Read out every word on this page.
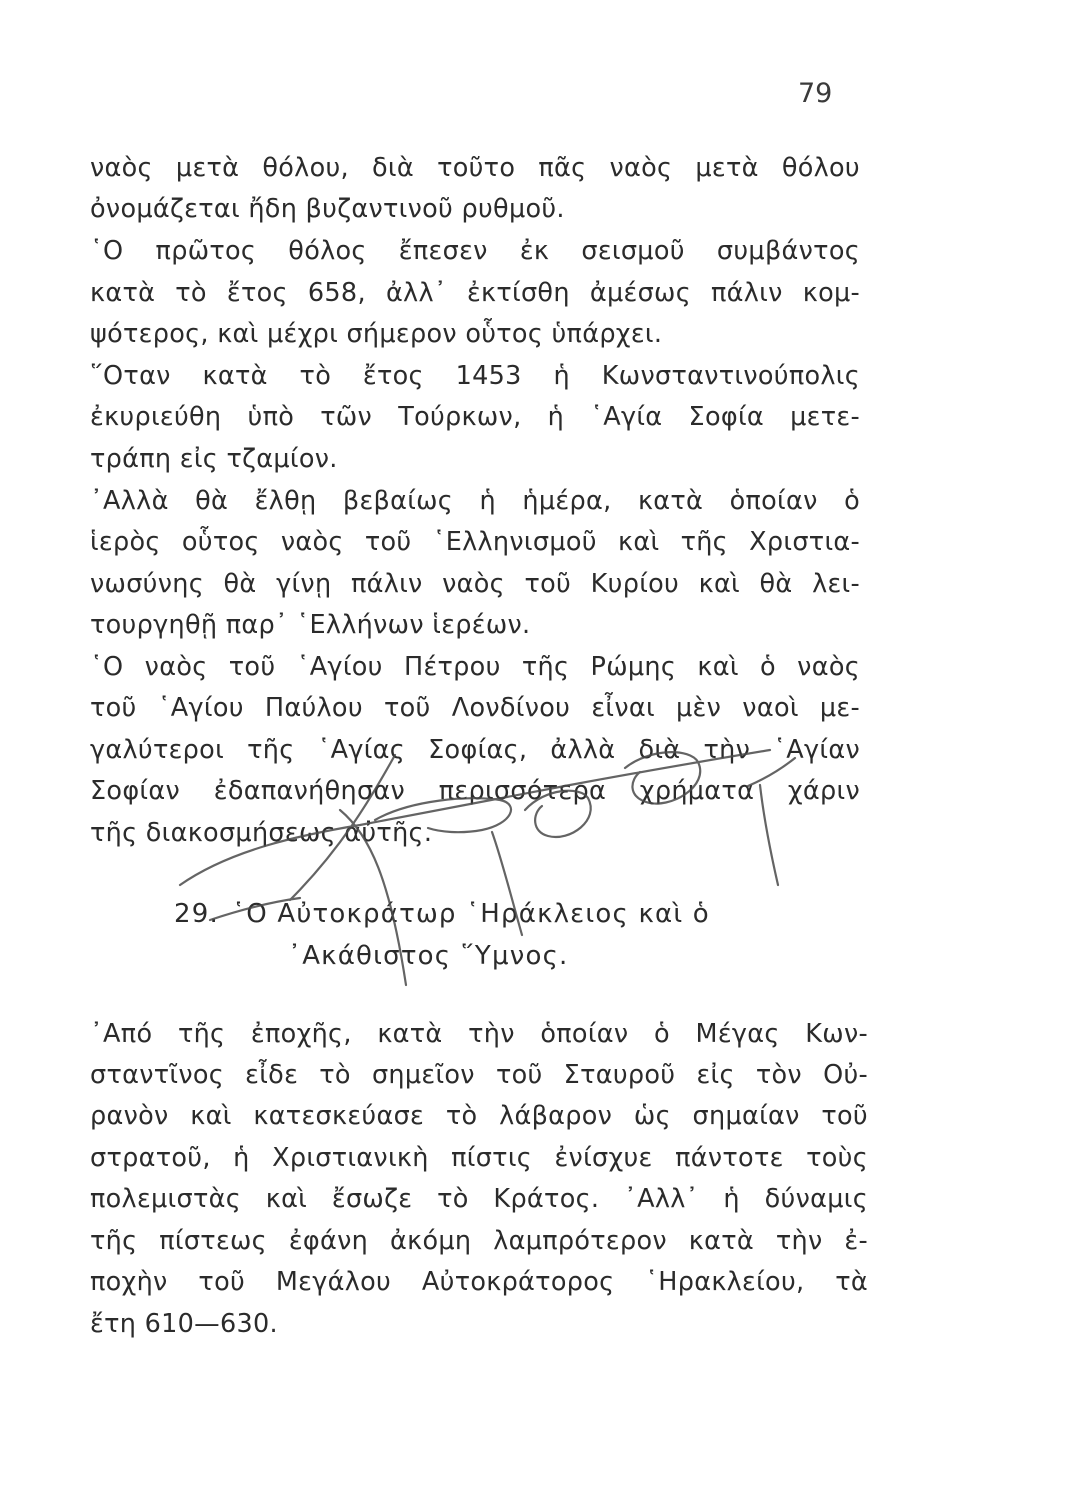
79
ναὸς μετὰ θόλου, διὰ τοῦτο πᾶς ναὸς μετὰ θόλου
ὀνομάζεται ἤδη βυζαντινοῦ ρυθμοῦ.
῾Ο πρῶτος θόλος ἔπεσεν ἐκ σεισμοῦ συμβάντος
κατὰ τὸ ἔτος 658, ἀλλ᾽ ἐκτίσθη ἀμέσως πάλιν κομ-
ψότερος, καὶ μέχρι σήμερον οὗτος ὑπάρχει.
῞Οταν κατὰ τὸ ἔτος 1453 ἡ Κωνσταντινούπολις
ἐκυριεύθη ὑπὸ τῶν Τούρκων, ἡ ῾Αγία Σοφία μετε-
τράπη εἰς τζαμίον.
᾽Αλλὰ θὰ ἔλθῃ βεβαίως ἡ ἡμέρα, κατὰ ὁποίαν ὁ
ἱερὸς οὗτος ναὸς τοῦ ῾Ελληνισμοῦ καὶ τῆς Χριστια-
νωσύνης θὰ γίνῃ πάλιν ναὸς τοῦ Κυρίου καὶ θὰ λει-
τουργηθῇ παρ᾽ ῾Ελλήνων ἱερέων.
῾Ο ναὸς τοῦ ῾Αγίου Πέτρου τῆς Ρώμης καὶ ὁ ναὸς
τοῦ ῾Αγίου Παύλου τοῦ Λονδίνου εἶναι μὲν ναοὶ με-
γαλύτεροι τῆς ῾Αγίας Σοφίας, ἀλλὰ διὰ τὴν ῾Αγίαν
Σοφίαν ἐδαπανήθησαν περισσότερα χρήματα χάριν
τῆς διακοσμήσεως αὐτῆς.
29. ῾Ο Αὐτοκράτωρ ῾Ηράκλειος καὶ ὁ
᾽Ακάθιστος ῞Υμνος.
᾽Από τῆς ἐποχῆς, κατὰ τὴν ὁποίαν ὁ Μέγας Κων-
σταντῖνος εἶδε τὸ σημεῖον τοῦ Σταυροῦ εἰς τὸν Οὐ-
ρανὸν καὶ κατεσκεύασε τὸ λάβαρον ὡς σημαίαν τοῦ
στρατοῦ, ἡ Χριστιανικὴ πίστις ἐνίσχυε πάντοτε τοὺς
πολεμιστὰς καὶ ἔσωζε τὸ Κράτος. ᾽Αλλ᾽ ἡ δύναμις
τῆς πίστεως ἐφάνη ἀκόμη λαμπρότερον κατὰ τὴν ἐ-
ποχὴν τοῦ Μεγάλου Αὐτοκράτορος ῾Ηρακλείου, τὰ
ἔτη 610—630.
